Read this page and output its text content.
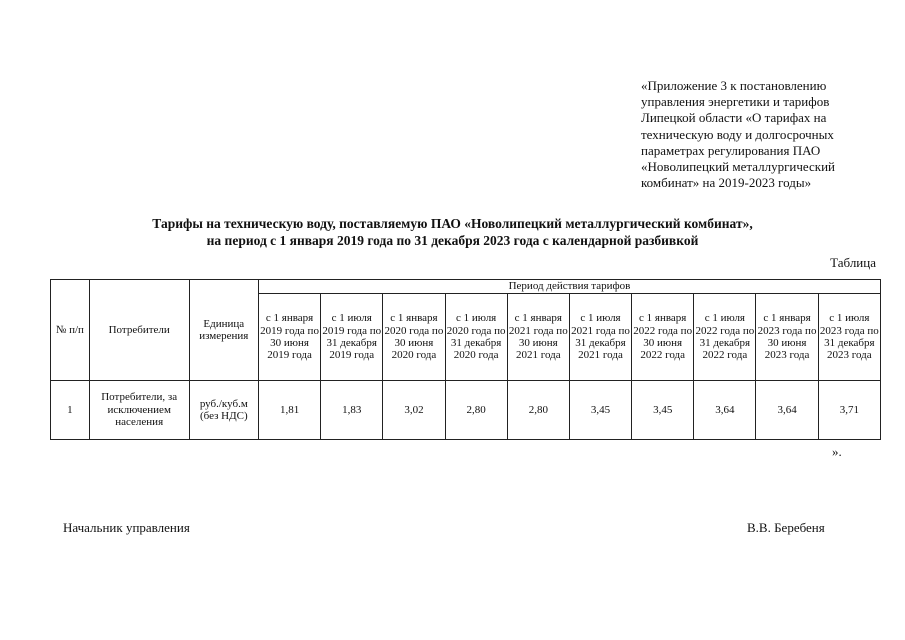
«Приложение 3 к постановлению
управления энергетики и тарифов
Липецкой области «О тарифах на
техническую воду и долгосрочных
параметрах регулирования ПАО
«Новолипецкий металлургический
комбинат» на 2019-2023 годы»
Тарифы на техническую воду, поставляемую ПАО «Новолипецкий металлургический комбинат»,
на период с 1 января 2019 года по 31 декабря 2023 года с календарной разбивкой
Таблица
№ п/п	Потребители	Единица измерения	Период действия тарифов									
			с 1 января 2019 года по 30 июня 2019 года	с 1 июля 2019 года по 31 декабря 2019 года	с 1 января 2020 года по 30 июня 2020 года	с 1 июля 2020 года по 31 декабря 2020 года	с 1 января 2021 года по 30 июня 2021 года	с 1 июля 2021 года по 31 декабря 2021 года	с 1 января 2022 года по 30 июня 2022 года	с 1 июля 2022 года по 31 декабря 2022 года	с 1 января 2023 года по 30 июня 2023 года	с 1 июля 2023 года по 31 декабря 2023 года
1	Потребители, за исключением населения	руб./куб.м (без НДС)	1,81	1,83	3,02	2,80	2,80	3,45	3,45	3,64	3,64	3,71
».
Начальник управления	В.В. Беребеня
